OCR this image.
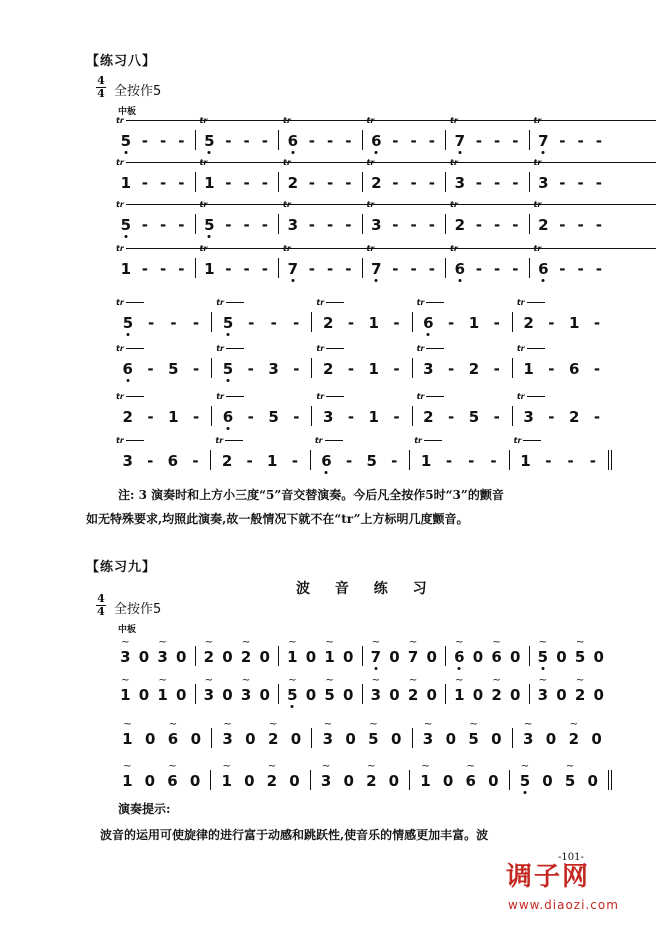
【练习八】
4
4 全按作5
中板
5 - - -
tr
5 - - -
tr
6 - - -
tr
6 - - -
tr
7 - - -
tr
7 - - -
tr
1 - - -
tr
1 - - -
tr
2 - - -
tr
2 - - -
tr
3 - - -
tr
3 - - -
tr
5 - - -
tr
5 - - -
tr
3 - - -
tr
3 - - -
tr
2 - - -
tr
2 - - -
tr
1 - - -
tr
1 - - -
tr
7 - - -
tr
7 - - -
tr
6 - - -
tr
6 - - -
tr
5 - - -
tr
5 - - -
tr
2 - 1 -
tr
6 - 1 -
tr
2 - 1 -
tr
6 - 5 -
tr
5 - 3 -
tr
2 - 1 -
tr
3 - 2 -
tr
1 - 6 -
tr
2 - 1 -
tr
6 - 5 -
tr
3 - 1 -
tr
2 - 5 -
tr
3 - 2 -
tr
3 - 6 -
tr
2 - 1 -
tr
6 - 5 -
tr
1 - - -
tr
1 - - -
tr
注: 3 演奏时和上方小三度“5”音交替演奏。今后凡全按作5时“3”的颤音
如无特殊要求,均照此演奏,故一般情况下就不在“tr”上方标明几度颤音。
【练习九】
波 音 练 习
4
4 全按作5
中板
~ 3 0 ~ 3 0 ~ 2 0 ~ 2 0 ~ 1 0 ~ 1 0 ~ 7 0 ~ 7 0 ~ 6 0 ~ 6 0 ~ 5 0 ~ 5 0
~ 1 0 ~ 1 0 ~ 3 0 ~ 3 0 ~ 5 0 ~ 5 0 ~ 3 0 ~ 2 0 ~ 1 0 ~ 2 0 ~ 3 0 ~ 2 0
~ 1 0 ~ 6 0 ~ 3 0 ~ 2 0 ~ 3 0 ~ 5 0 ~ 3 0 ~ 5 0 ~ 3 0 ~ 2 0
~ 1 0 ~ 6 0 ~ 1 0 ~ 2 0 ~ 3 0 ~ 2 0 ~ 1 0 ~ 6 0 ~ 5 0 ~ 5 0
演奏提示:
波音的运用可使旋律的进行富于动感和跳跃性,使音乐的情感更加丰富。波
-101-
调子网
www.diaozi.com
